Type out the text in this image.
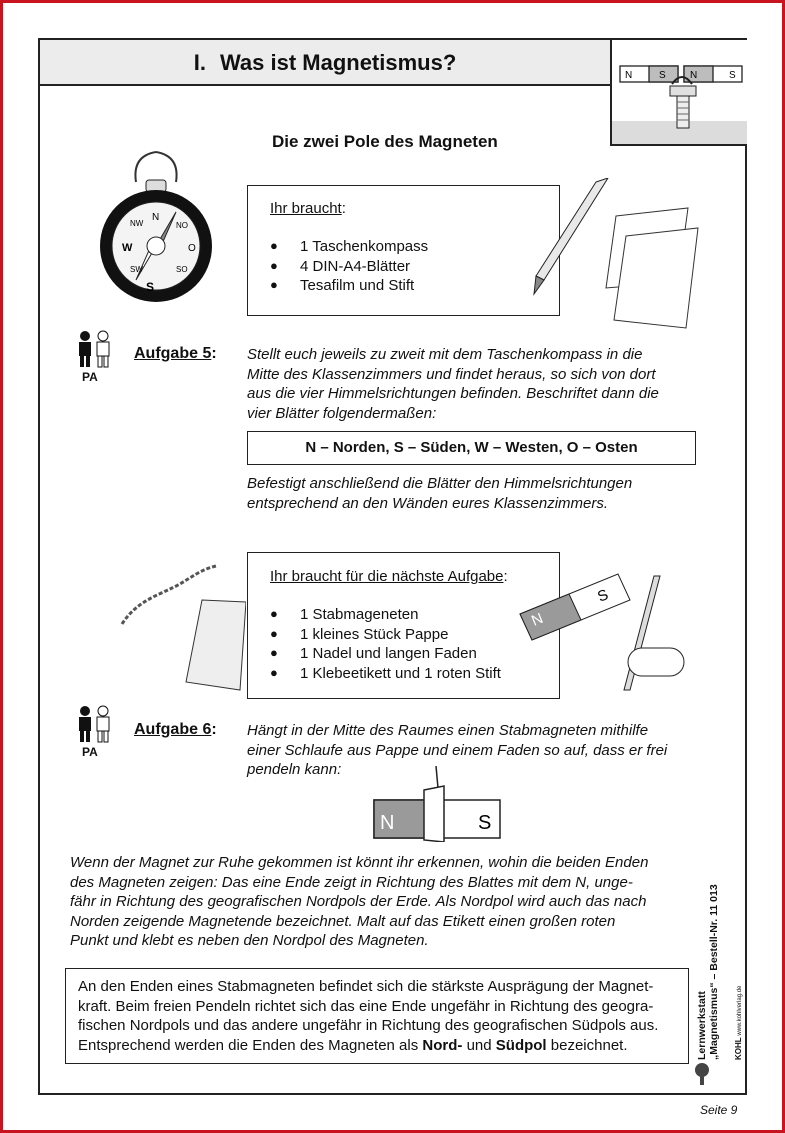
I. Was ist Magnetismus?
N	S N	S
Die zwei Pole des Magneten
W
S
NW	NO
SW	SO
O
N
Ihr braucht:
● 1 Taschenkompass
● 4 DIN-A4-Blätter
● Tesafilm und Stift
PA
Aufgabe 5: Stellt euch jeweils zu zweit mit dem Taschenkompass in die
Mitte des Klassenzimmers und findet heraus, so sich von dort
aus die vier Himmelsrichtungen befinden. Beschriftet dann die
vier Blätter folgendermaßen:
N – Norden, S – Süden, W – Westen, O – Osten
Befestigt anschließend die Blätter den Himmelsrichtungen
entsprechend an den Wänden eures Klassenzimmers.
Ihr braucht für die nächste Aufgabe:
● 1 Stabmageneten
● 1 kleines Stück Pappe
● 1 Nadel und langen Faden
● 1 Klebeetikett und 1 roten Stift
N
S
PA
Aufgabe 6: Hängt in der Mitte des Raumes einen Stabmagneten mithilfe
einer Schlaufe aus Pappe und einem Faden so auf, dass er frei
pendeln kann:
N	S
Wenn der Magnet zur Ruhe gekommen ist könnt ihr erkennen, wohin die beiden Enden
des Magneten zeigen: Das eine Ende zeigt in Richtung des Blattes mit dem N, unge-
fähr in Richtung des geografischen Nordpols der Erde. Als Nordpol wird auch das nach
Norden zeigende Magnetende bezeichnet. Malt auf das Etikett einen großen roten
Punkt und klebt es neben den Nordpol des Magneten.
An den Enden eines Stabmagneten befindet sich die stärkste Ausprägung der Magnet-
kraft. Beim freien Pendeln richtet sich das eine Ende ungefähr in Richtung des geogra-
fischen Nordpols und das andere ungefähr in Richtung des geografischen Südpols aus.
Entsprechend werden die Enden des Magneten als Nord- und Südpol bezeichnet.	Lernwerkstatt „Magnetismus“ – Bestell-Nr. 11 013 KOHL www.kohlverlag.de
Seite 9
